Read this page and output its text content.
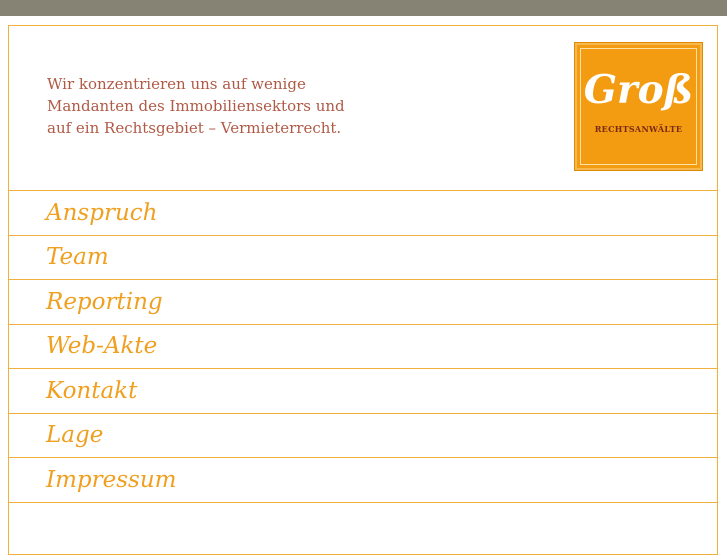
Wir konzentrieren uns auf wenige
Mandanten des Immobiliensektors und
auf ein Rechtsgebiet – Vermieterrecht.
Groß
RECHTSANWÄLTE
Anspruch
Team
Reporting
Web-Akte
Kontakt
Lage
Impressum
